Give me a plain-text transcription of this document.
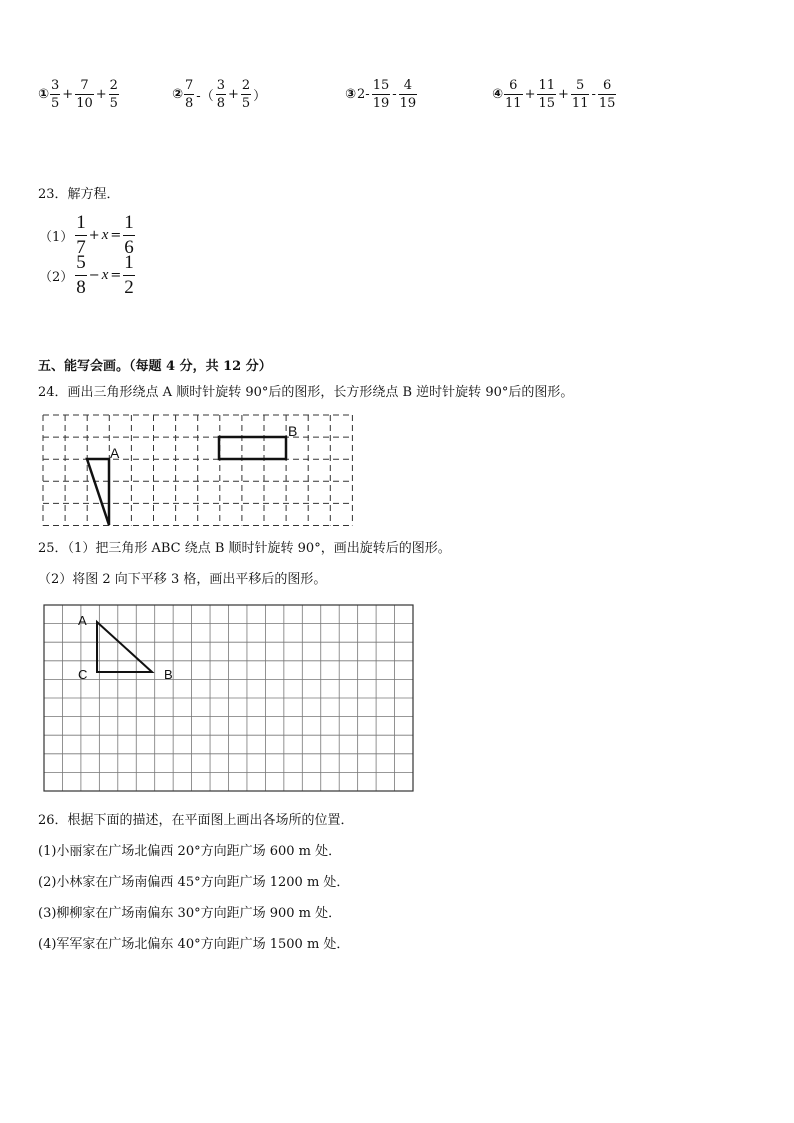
① $\frac{3}{5} + \frac{7}{10} + \frac{2}{5}$	② $\frac{7}{8}$ -（ $\frac{3}{8} + \frac{2}{5}$ ）	③2- $\frac{15}{19} - \frac{4}{19}$	④ $\frac{6}{11} + \frac{11}{15} + \frac{5}{11} - \frac{6}{15}$
23．解方程．
$(1) \frac{1}{7} + x = \frac{1}{6}$
$(2) \frac{5}{8} - x = \frac{1}{2}$
五、能写会画。（每题 4 分，共 12 分）
24．画出三角形绕点 A 顺时针旋转 90°后的图形，长方形绕点 B 逆时针旋转 90°后的图形。
A
B
25．（1）把三角形 ABC 绕点 B 顺时针旋转 90°，画出旋转后的图形。
（2）将图 2 向下平移 3 格，画出平移后的图形。
A
C	B
26．根据下面的描述，在平面图上画出各场所的位置．
(1)小丽家在广场北偏西 20°方向距广场 600 m 处．
(2)小林家在广场南偏西 45°方向距广场 1200 m 处．
(3)柳柳家在广场南偏东 30°方向距广场 900 m 处．
(4)军军家在广场北偏东 40°方向距广场 1500 m 处．
